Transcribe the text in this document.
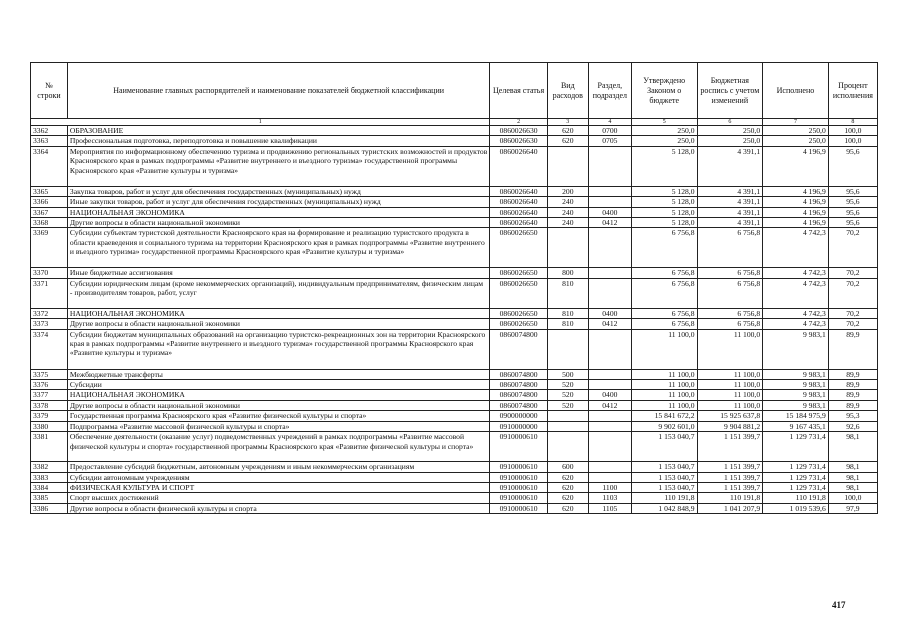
№ строки	Наименование главных распорядителей и наименование показателей бюджетной классификации	Целевая статья	Вид расходов	Раздел, подраздел	Утверждено Законом о бюджете	Бюджетная роспись с учетом изменений	Исполнено	Процент исполнения
1		2	3	4	5	6	7	8
3362	ОБРАЗОВАНИЕ	0860026630	620	0700	250,0	250,0	250,0	100,0
3363	Профессиональная подготовка, переподготовка и повышение квалификации	0860026630	620	0705	250,0	250,0	250,0	100,0
3364	Мероприятия по информационному обеспечению туризма и продвижению региональных туристских возможностей и продуктов Красноярского края в рамках подпрограммы «Развитие внутреннего и въездного туризма» государственной программы Красноярского края «Развитие культуры и туризма»	0860026640			5 128,0	4 391,1	4 196,9	95,6
3365	Закупка товаров, работ и услуг для обеспечения государственных (муниципальных) нужд	0860026640	200		5 128,0	4 391,1	4 196,9	95,6
3366	Иные закупки товаров, работ и услуг для обеспечения государственных (муниципальных) нужд	0860026640	240		5 128,0	4 391,1	4 196,9	95,6
3367	НАЦИОНАЛЬНАЯ ЭКОНОМИКА	0860026640	240	0400	5 128,0	4 391,1	4 196,9	95,6
3368	Другие вопросы в области национальной экономики	0860026640	240	0412	5 128,0	4 391,1	4 196,9	95,6
3369	Субсидии субъектам туристской деятельности Красноярского края на формирование и реализацию туристского продукта в области краеведения и социального туризма на территории Красноярского края в рамках подпрограммы «Развитие внутреннего и въездного туризма» государственной программы Красноярского края «Развитие культуры и туризма»	0860026650			6 756,8	6 756,8	4 742,3	70,2
3370	Иные бюджетные ассигнования	0860026650	800		6 756,8	6 756,8	4 742,3	70,2
3371	Субсидии юридическим лицам (кроме некоммерческих организаций), индивидуальным предпринимателям, физическим лицам - производителям товаров, работ, услуг	0860026650	810		6 756,8	6 756,8	4 742,3	70,2
3372	НАЦИОНАЛЬНАЯ ЭКОНОМИКА	0860026650	810	0400	6 756,8	6 756,8	4 742,3	70,2
3373	Другие вопросы в области национальной экономики	0860026650	810	0412	6 756,8	6 756,8	4 742,3	70,2
3374	Субсидии бюджетам муниципальных образований на организацию туристско-рекреационных зон на территории Красноярского края в рамках подпрограммы «Развитие внутреннего и въездного туризма» государственной программы Красноярского края «Развитие культуры и туризма»	0860074800			11 100,0	11 100,0	9 983,1	89,9
3375	Межбюджетные трансферты	0860074800	500		11 100,0	11 100,0	9 983,1	89,9
3376	Субсидии	0860074800	520		11 100,0	11 100,0	9 983,1	89,9
3377	НАЦИОНАЛЬНАЯ ЭКОНОМИКА	0860074800	520	0400	11 100,0	11 100,0	9 983,1	89,9
3378	Другие вопросы в области национальной экономики	0860074800	520	0412	11 100,0	11 100,0	9 983,1	89,9
3379	Государственная программа Красноярского края «Развитие физической культуры и спорта»	0900000000			15 841 672,2	15 925 637,8	15 184 975,9	95,3
3380	Подпрограмма «Развитие массовой физической культуры и спорта»	0910000000			9 902 601,0	9 904 881,2	9 167 435,1	92,6
3381	Обеспечение деятельности (оказание услуг) подведомственных учреждений в рамках подпрограммы «Развитие массовой физической культуры и спорта» государственной программы Красноярского края «Развитие физической культуры и спорта»	0910000610			1 153 040,7	1 151 399,7	1 129 731,4	98,1
3382	Предоставление субсидий бюджетным, автономным учреждениям и иным некоммерческим организациям	0910000610	600		1 153 040,7	1 151 399,7	1 129 731,4	98,1
3383	Субсидии автономным учреждениям	0910000610	620		1 153 040,7	1 151 399,7	1 129 731,4	98,1
3384	ФИЗИЧЕСКАЯ КУЛЬТУРА И СПОРТ	0910000610	620	1100	1 153 040,7	1 151 399,7	1 129 731,4	98,1
3385	Спорт высших достижений	0910000610	620	1103	110 191,8	110 191,8	110 191,8	100,0
3386	Другие вопросы в области физической культуры и спорта	0910000610	620	1105	1 042 848,9	1 041 207,9	1 019 539,6	97,9
417
